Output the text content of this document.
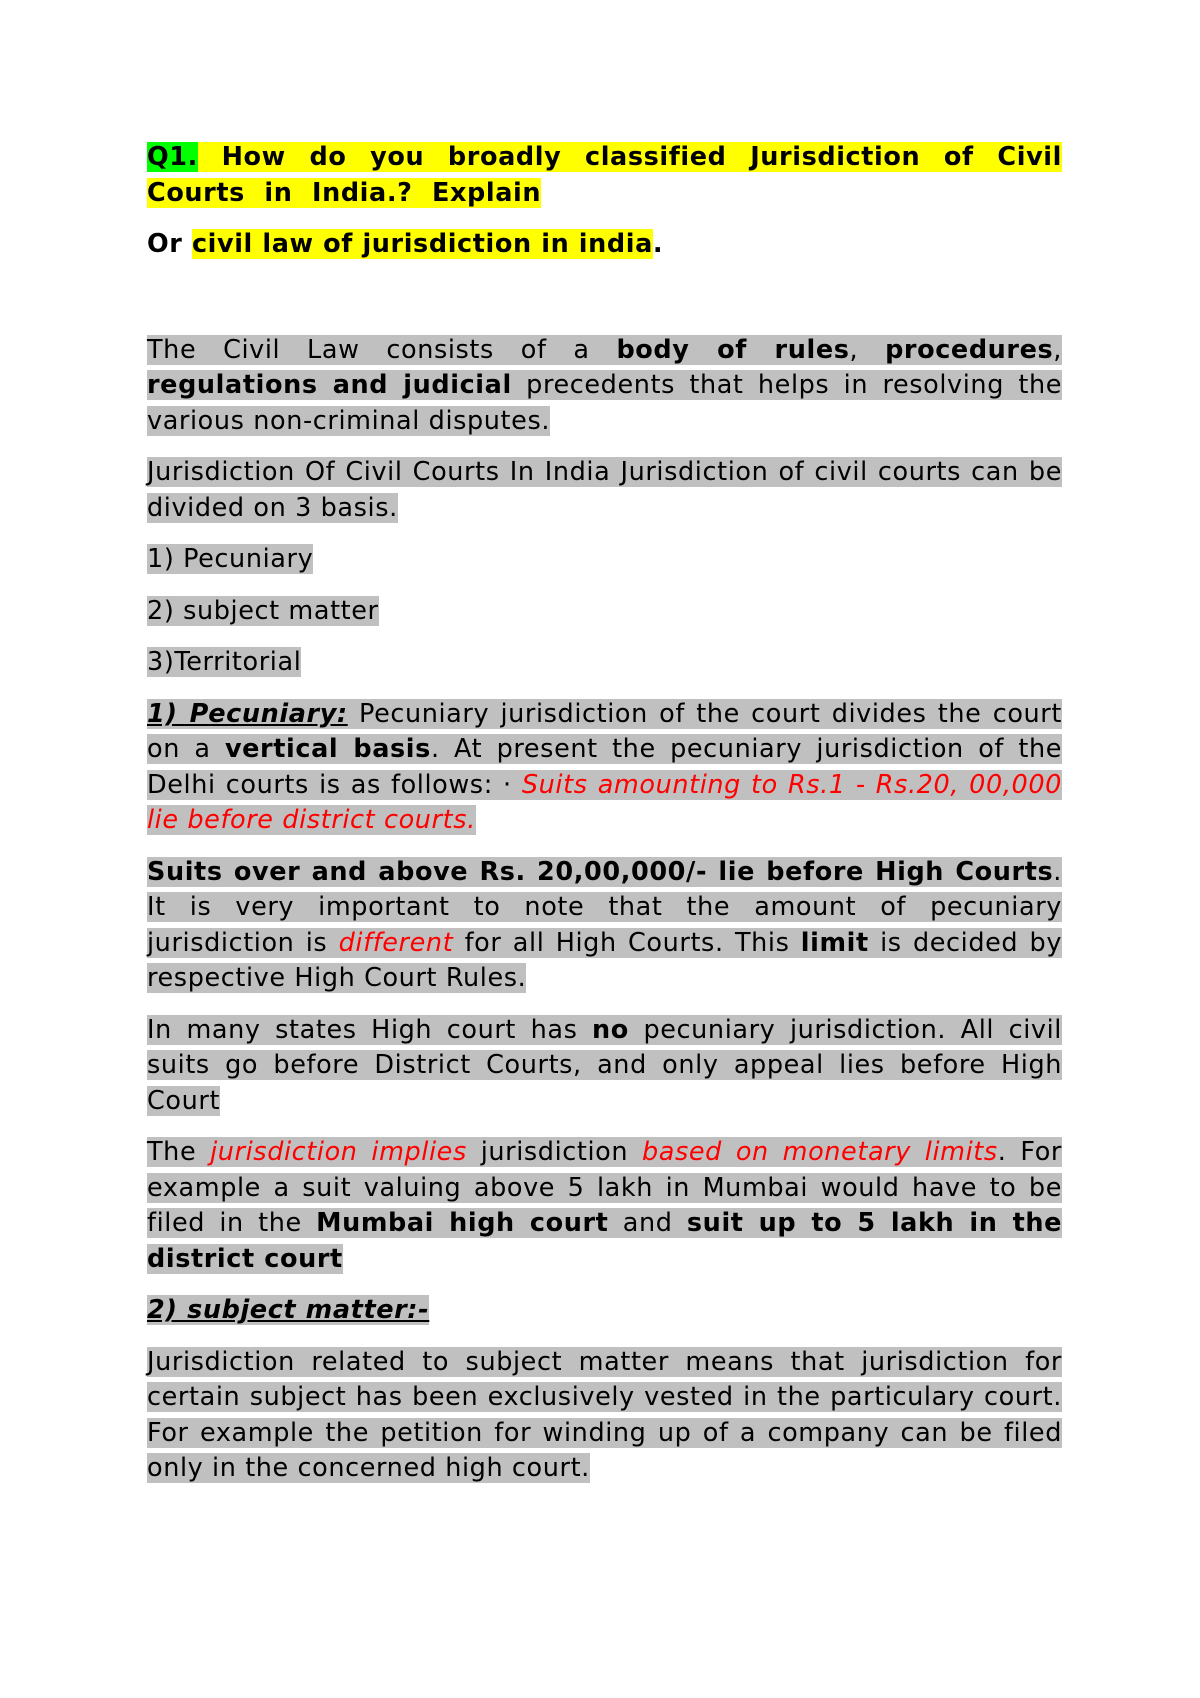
Q1. How do you broadly classified Jurisdiction of Civil Courts in India.? Explain

Or civil law of jurisdiction in india.

The Civil Law consists of a body of rules, procedures, regulations and judicial precedents that helps in resolving the various non-criminal disputes.

Jurisdiction Of Civil Courts In India Jurisdiction of civil courts can be divided on 3 basis.

1) Pecuniary

2) subject matter

3)Territorial

1) Pecuniary: Pecuniary jurisdiction of the court divides the court on a vertical basis. At present the pecuniary jurisdiction of the Delhi courts is as follows: · Suits amounting to Rs.1 - Rs.20, 00,000 lie before district courts.

Suits over and above Rs. 20,00,000/- lie before High Courts. It is very important to note that the amount of pecuniary jurisdiction is different for all High Courts. This limit is decided by respective High Court Rules.

In many states High court has no pecuniary jurisdiction. All civil suits go before District Courts, and only appeal lies before High Court

The jurisdiction implies jurisdiction based on monetary limits. For example a suit valuing above 5 lakh in Mumbai would have to be filed in the Mumbai high court and suit up to 5 lakh in the district court

2) subject matter:-

Jurisdiction related to subject matter means that jurisdiction for certain subject has been exclusively vested in the particulary court. For example the petition for winding up of a company can be filed only in the concerned high court.
